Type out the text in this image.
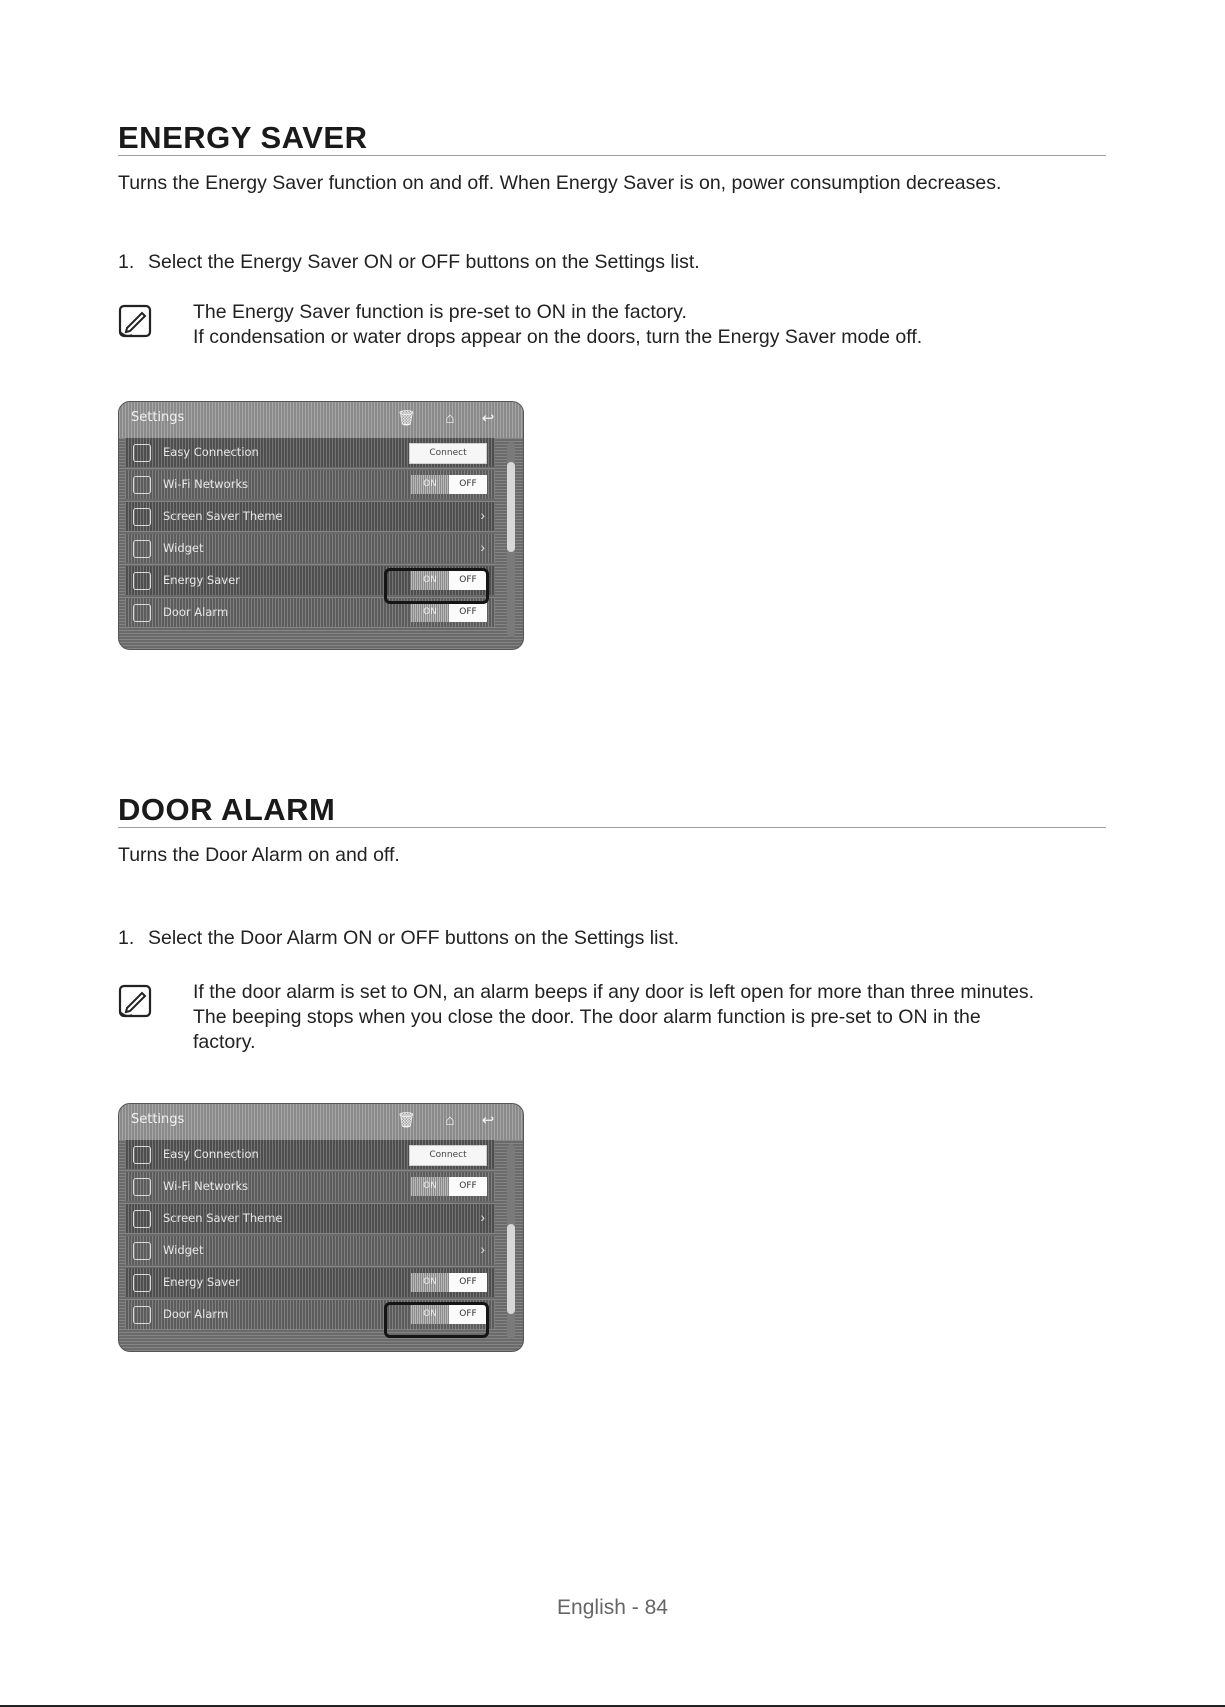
ENERGY SAVER
Turns the Energy Saver function on and off. When Energy Saver is on, power consumption decreases.
1. Select the Energy Saver ON or OFF buttons on the Settings list.
The Energy Saver function is pre-set to ON in the factory.
If condensation or water drops appear on the doors, turn the Energy Saver mode off.
Settings	🗑 ⌂ ↩
Easy Connection	Connect
Wi-Fi Networks	ON	OFF
Screen Saver Theme	›
Widget	›
Energy Saver	ON	OFF
Door Alarm	ON	OFF
DOOR ALARM
Turns the Door Alarm on and off.
1. Select the Door Alarm ON or OFF buttons on the Settings list.
If the door alarm is set to ON, an alarm beeps if any door is left open for more than three minutes.
The beeping stops when you close the door. The door alarm function is pre-set to ON in the
factory.
Settings	🗑 ⌂ ↩
Easy Connection	Connect
Wi-Fi Networks	ON	OFF
Screen Saver Theme	›
Widget	›
Energy Saver	ON	OFF
Door Alarm	ON	OFF
English - 84
